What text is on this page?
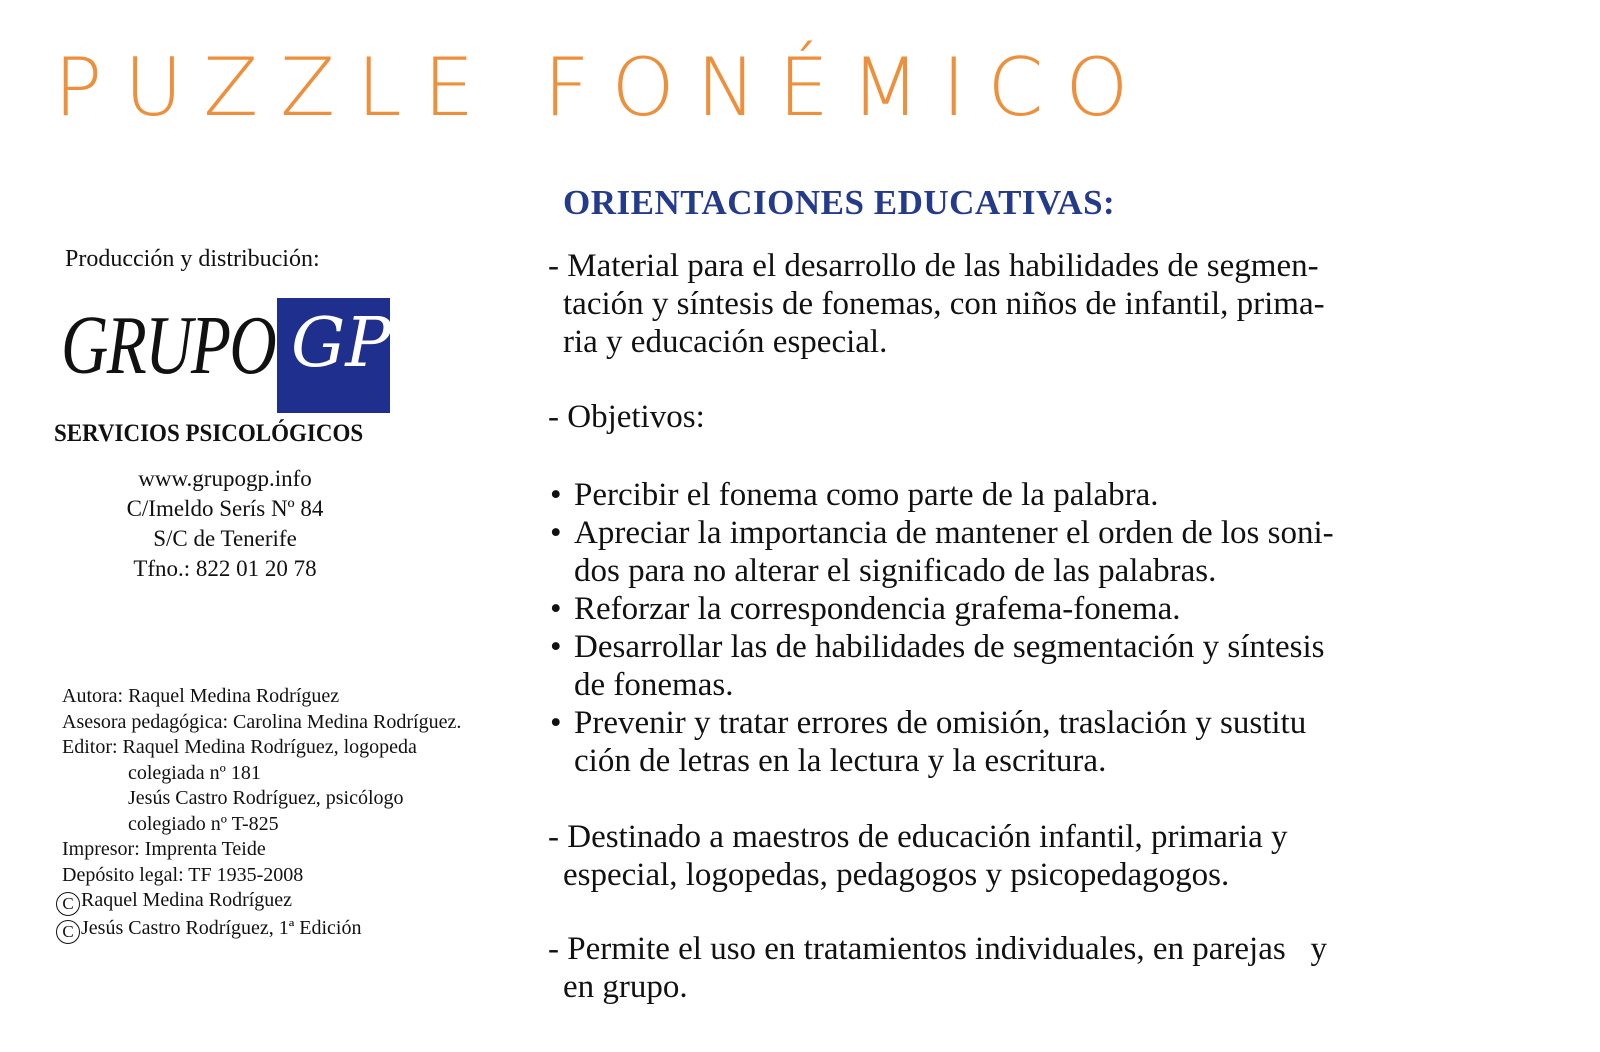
PUZZLE FONÉMICO
ORIENTACIONES EDUCATIVAS:
Producción y distribución:
GRUPO GP
SERVICIOS PSICOLÓGICOS
www.grupogp.info
C/Imeldo Serís Nº 84
S/C de Tenerife
Tfno.: 822 01 20 78
Autora: Raquel Medina Rodríguez
Asesora pedagógica: Carolina Medina Rodríguez.
Editor: Raquel Medina Rodríguez, logopeda
colegiada nº 181
Jesús Castro Rodríguez, psicólogo
colegiado nº T-825
Impresor: Imprenta Teide
Depósito legal: TF 1935-2008
C Raquel Medina Rodríguez
C Jesús Castro Rodríguez, 1ª Edición
- Material para el desarrollo de las habilidades de segmen-
tación y síntesis de fonemas, con niños de infantil, prima-
ria y educación especial.
- Objetivos:
• Percibir el fonema como parte de la palabra.
• Apreciar la importancia de mantener el orden de los soni-
dos para no alterar el significado de las palabras.
• Reforzar la correspondencia grafema-fonema.
• Desarrollar las de habilidades de segmentación y síntesis
de fonemas.
• Prevenir y tratar errores de omisión, traslación y sustitu
ción de letras en la lectura y la escritura.
- Destinado a maestros de educación infantil, primaria y
especial, logopedas, pedagogos y psicopedagogos.
- Permite el uso en tratamientos individuales, en parejas   y
en grupo.
